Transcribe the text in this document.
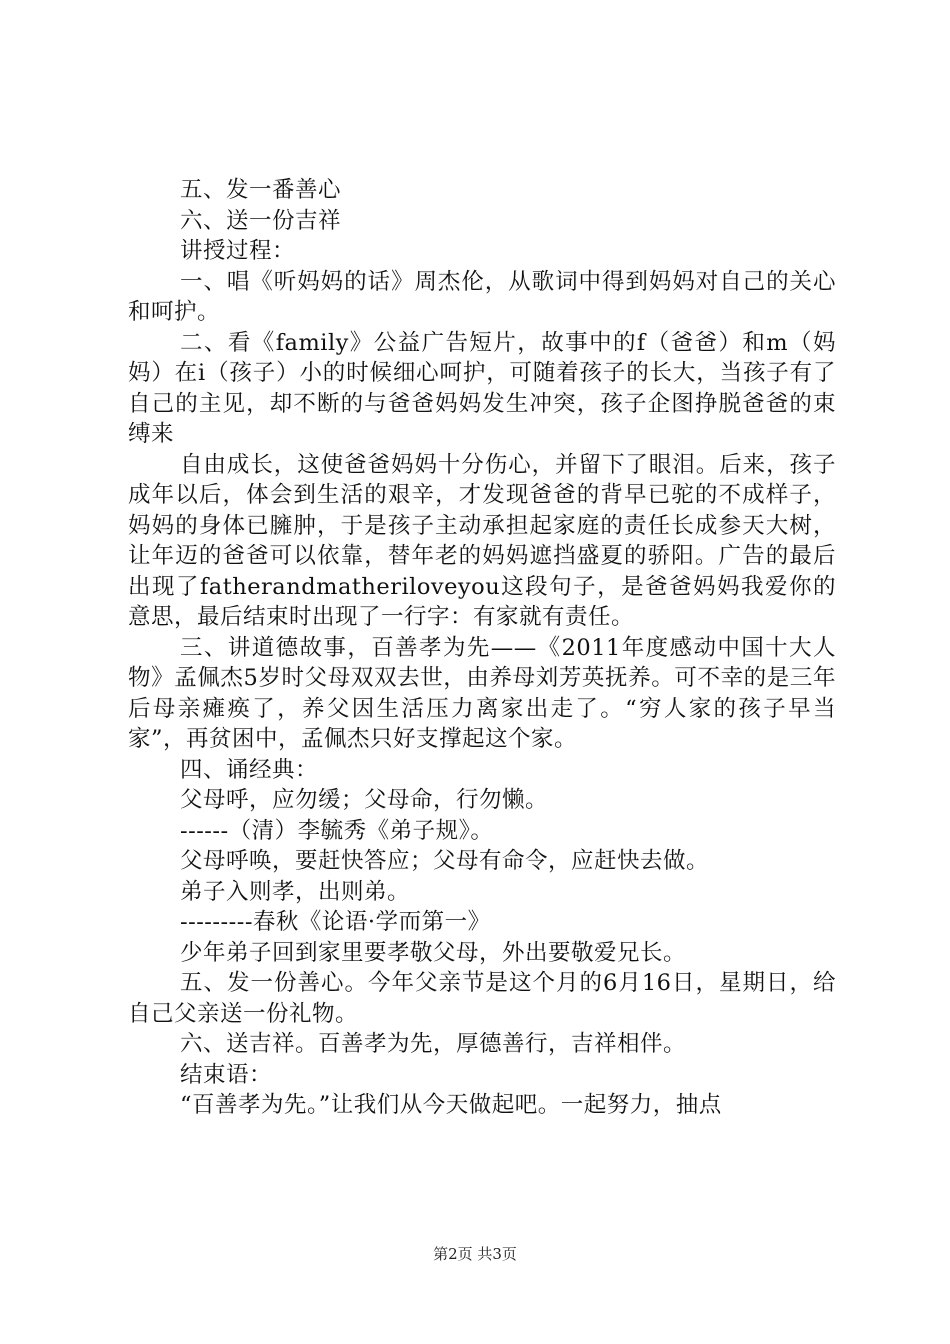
五、发一番善心

六、送一份吉祥

讲授过程：

一、唱《听妈妈的话》周杰伦，从歌词中得到妈妈对自己的关心和呵护。

二、看《family》公益广告短片，故事中的f（爸爸）和m（妈妈）在i（孩子）小的时候细心呵护，可随着孩子的长大，当孩子有了自己的主见，却不断的与爸爸妈妈发生冲突，孩子企图挣脱爸爸的束缚来

自由成长，这使爸爸妈妈十分伤心，并留下了眼泪。后来，孩子成年以后，体会到生活的艰辛，才发现爸爸的背早已驼的不成样子，妈妈的身体已臃肿，于是孩子主动承担起家庭的责任长成参天大树，让年迈的爸爸可以依靠，替年老的妈妈遮挡盛夏的骄阳。广告的最后出现了fatherandmatheriloveyou这段句子，是爸爸妈妈我爱你的意思，最后结束时出现了一行字：有家就有责任。

三、讲道德故事，百善孝为先——《2011年度感动中国十大人物》孟佩杰5岁时父母双双去世，由养母刘芳英抚养。可不幸的是三年后母亲瘫痪了，养父因生活压力离家出走了。“穷人家的孩子早当家”，再贫困中，孟佩杰只好支撑起这个家。

四、诵经典：

父母呼，应勿缓；父母命，行勿懒。

------（清）李毓秀《弟子规》。

父母呼唤，要赶快答应；父母有命令，应赶快去做。

弟子入则孝，出则弟。

---------春秋《论语·学而第一》

少年弟子回到家里要孝敬父母，外出要敬爱兄长。

五、发一份善心。今年父亲节是这个月的6月16日，星期日，给自己父亲送一份礼物。

六、送吉祥。百善孝为先，厚德善行，吉祥相伴。

结束语：

“百善孝为先。”让我们从今天做起吧。一起努力，抽点

第2页 共3页
